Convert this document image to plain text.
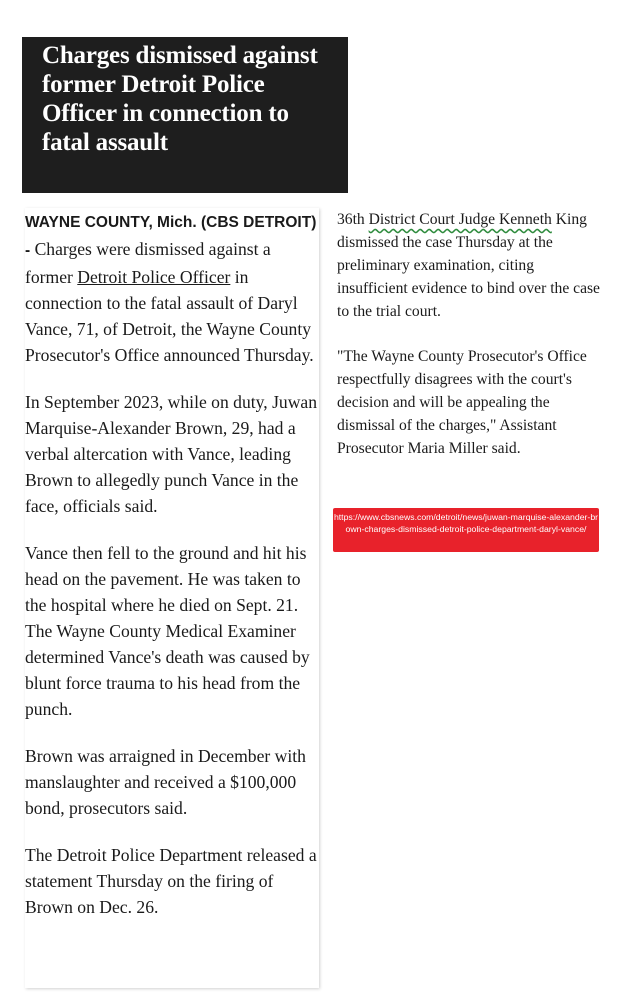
Charges dismissed against former Detroit Police Officer in connection to fatal assault

WAYNE COUNTY, Mich. (CBS DETROIT) - Charges were dismissed against a former Detroit Police Officer in connection to the fatal assault of Daryl Vance, 71, of Detroit, the Wayne County Prosecutor's Office announced Thursday.

In September 2023, while on duty, Juwan Marquise-Alexander Brown, 29, had a verbal altercation with Vance, leading Brown to allegedly punch Vance in the face, officials said.

Vance then fell to the ground and hit his head on the pavement. He was taken to the hospital where he died on Sept. 21.

The Wayne County Medical Examiner determined Vance's death was caused by blunt force trauma to his head from the punch.

Brown was arraigned in December with manslaughter and received a $100,000 bond, prosecutors said.

The Detroit Police Department released a statement Thursday on the firing of Brown on Dec. 26.

36th District Court Judge Kenneth King dismissed the case Thursday at the preliminary examination, citing insufficient evidence to bind over the case to the trial court.

"The Wayne County Prosecutor's Office respectfully disagrees with the court's decision and will be appealing the dismissal of the charges," Assistant Prosecutor Maria Miller said.

https://www.cbsnews.com/detroit/news/juwan-marquise-alexander-brown-charges-dismissed-detroit-police-department-daryl-vance/
